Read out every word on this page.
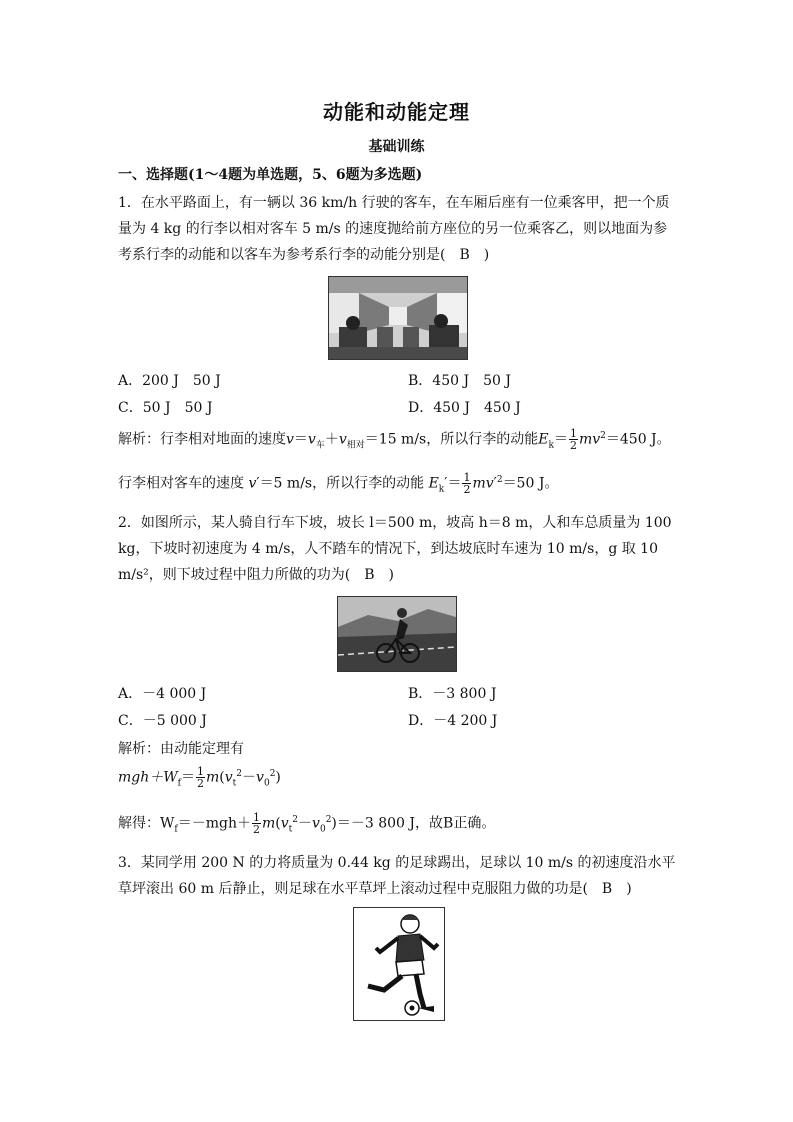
动能和动能定理
基础训练
一、选择题(1～4题为单选题，5、6题为多选题)
1．在水平路面上，有一辆以 36 km/h 行驶的客车，在车厢后座有一位乘客甲，把一个质量为 4 kg 的行李以相对客车 5 m/s 的速度抛给前方座位的另一位乘客乙，则以地面为参考系行李的动能和以客车为参考系行李的动能分别是(　B　)
A．200 J　50 J	B．450 J　50 J
C．50 J　50 J	D．450 J　450 J
解析：行李相对地面的速度$v=v_车+v_{相对}=15$ m/s，所以行李的动能$E_k= \frac{1}{2} mv^2=450$ J。
行李相对客车的速度 v′＝5 m/s，所以行李的动能 $E_k'= \frac{1}{2} mv'^2=50$ J。
2．如图所示，某人骑自行车下坡，坡长 l＝500 m，坡高 h＝8 m，人和车总质量为 100 kg，下坡时初速度为 4 m/s，人不踏车的情况下，到达坡底时车速为 10 m/s，g 取 10 m/s²，则下坡过程中阻力所做的功为(　B　)
A．－4 000 J	B．－3 800 J
C．－5 000 J	D．－4 200 J
解析：由动能定理有
$mgh+W_f= \frac{1}{2} m(v_t^2-v_0^2)$
解得：$W_f=-mgh+ \frac{1}{2} m(v_t^2-v_0^2)=-3$ 800 J，故B正确。
3．某同学用 200 N 的力将质量为 0.44 kg 的足球踢出，足球以 10 m/s 的初速度沿水平草坪滚出 60 m 后静止，则足球在水平草坪上滚动过程中克服阻力做的功是(　B　)
